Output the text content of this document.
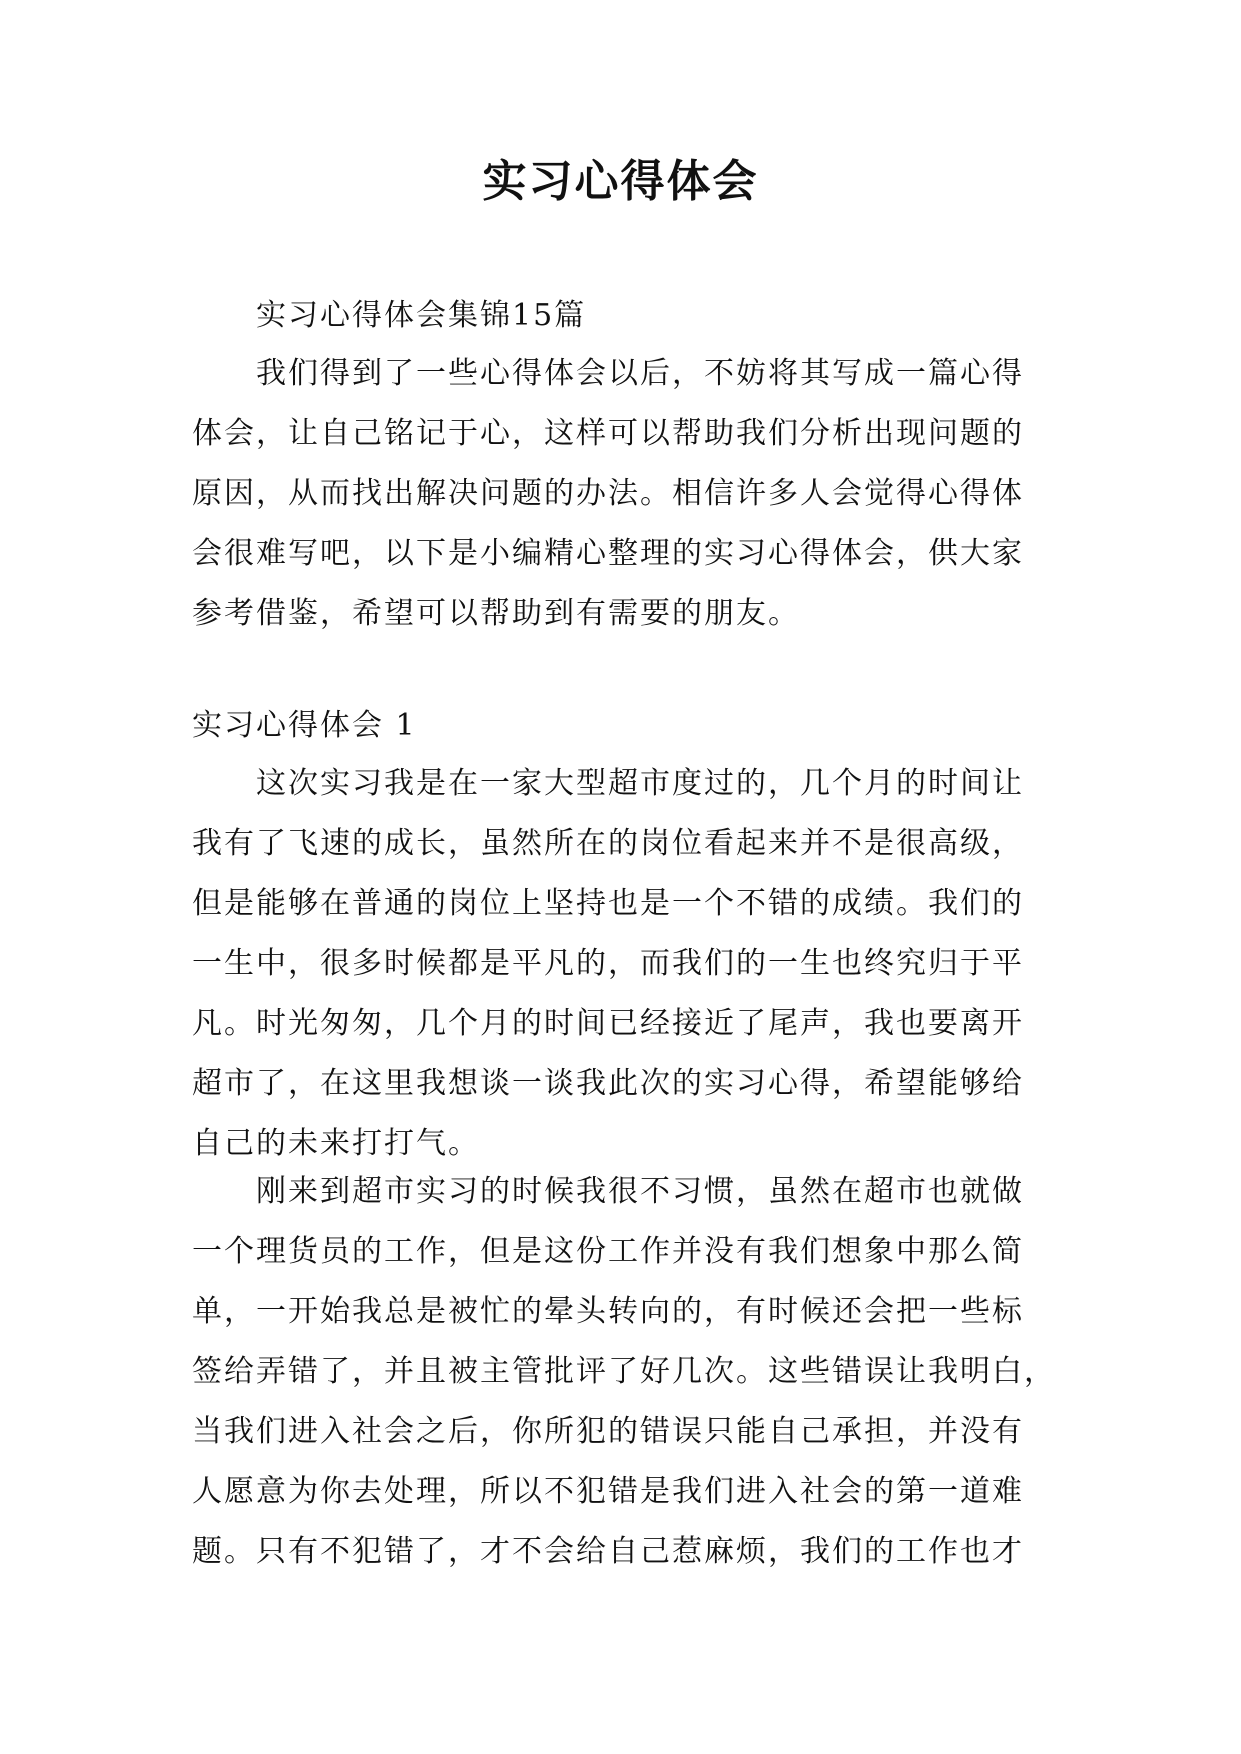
实习心得体会
实习心得体会集锦15篇
我们得到了一些心得体会以后，不妨将其写成一篇心得
体会，让自己铭记于心，这样可以帮助我们分析出现问题的
原因，从而找出解决问题的办法。相信许多人会觉得心得体
会很难写吧，以下是小编精心整理的实习心得体会，供大家
参考借鉴，希望可以帮助到有需要的朋友。
实习心得体会 1
这次实习我是在一家大型超市度过的，几个月的时间让
我有了飞速的成长，虽然所在的岗位看起来并不是很高级，
但是能够在普通的岗位上坚持也是一个不错的成绩。我们的
一生中，很多时候都是平凡的，而我们的一生也终究归于平
凡。时光匆匆，几个月的时间已经接近了尾声，我也要离开
超市了，在这里我想谈一谈我此次的实习心得，希望能够给
自己的未来打打气。
刚来到超市实习的时候我很不习惯，虽然在超市也就做
一个理货员的工作，但是这份工作并没有我们想象中那么简
单，一开始我总是被忙的晕头转向的，有时候还会把一些标
签给弄错了，并且被主管批评了好几次。这些错误让我明白，
当我们进入社会之后，你所犯的错误只能自己承担，并没有
人愿意为你去处理，所以不犯错是我们进入社会的第一道难
题。只有不犯错了，才不会给自己惹麻烦，我们的工作也才
